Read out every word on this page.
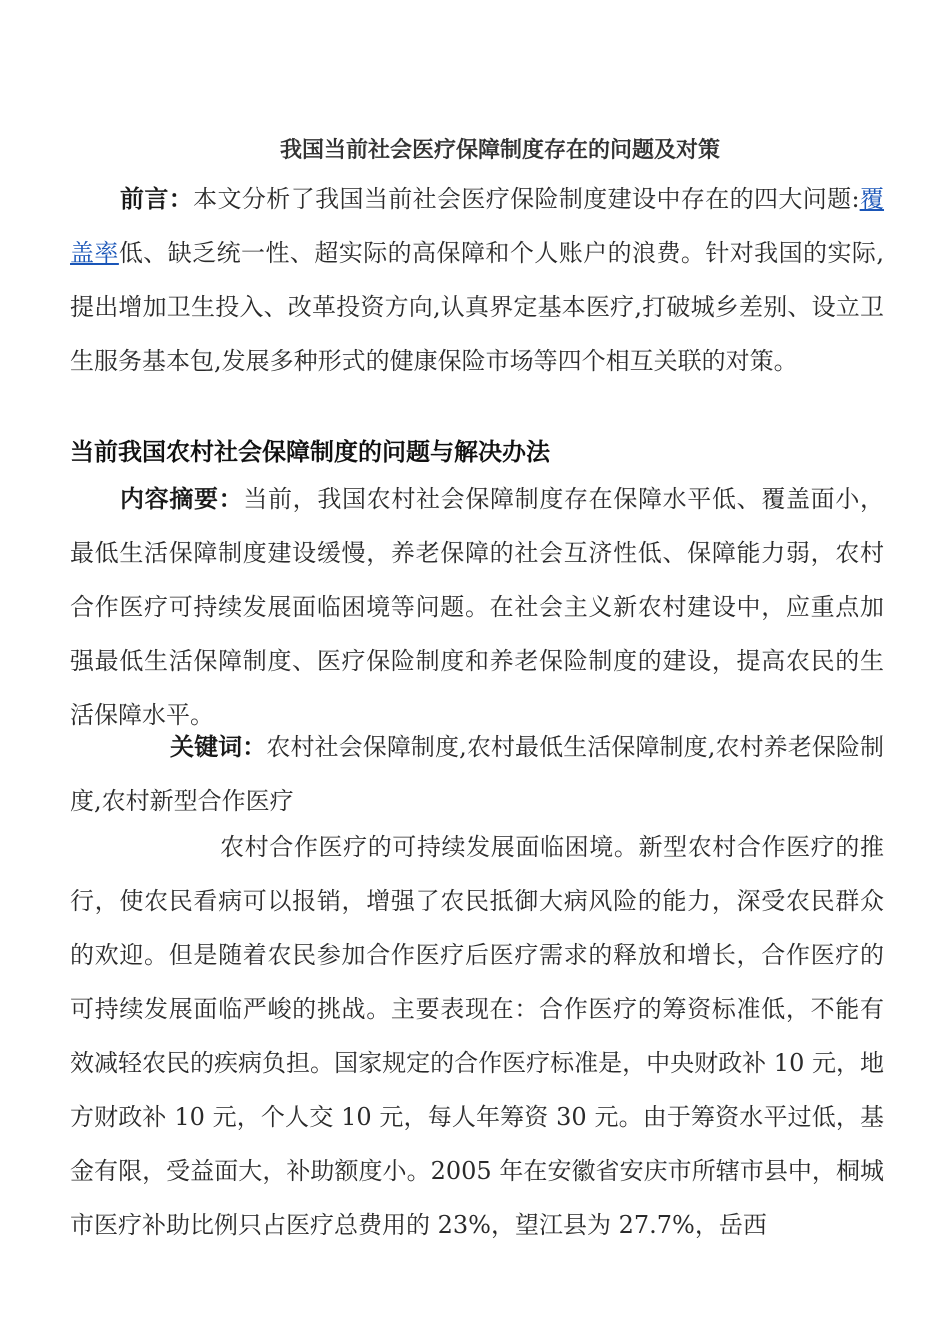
我国当前社会医疗保障制度存在的问题及对策
前言：本文分析了我国当前社会医疗保险制度建设中存在的四大问题:覆盖率低、缺乏统一性、超实际的高保障和个人账户的浪费。针对我国的实际,提出增加卫生投入、改革投资方向,认真界定基本医疗,打破城乡差别、设立卫生服务基本包,发展多种形式的健康保险市场等四个相互关联的对策。
当前我国农村社会保障制度的问题与解决办法
内容摘要：当前，我国农村社会保障制度存在保障水平低、覆盖面小，最低生活保障制度建设缓慢，养老保障的社会互济性低、保障能力弱，农村合作医疗可持续发展面临困境等问题。在社会主义新农村建设中，应重点加强最低生活保障制度、医疗保险制度和养老保险制度的建设，提高农民的生活保障水平。
关键词：农村社会保障制度,农村最低生活保障制度,农村养老保险制度,农村新型合作医疗
农村合作医疗的可持续发展面临困境。新型农村合作医疗的推行，使农民看病可以报销，增强了农民抵御大病风险的能力，深受农民群众的欢迎。但是随着农民参加合作医疗后医疗需求的释放和增长，合作医疗的可持续发展面临严峻的挑战。主要表现在：合作医疗的筹资标准低，不能有效减轻农民的疾病负担。国家规定的合作医疗标准是，中央财政补 10 元，地方财政补 10 元，个人交 10 元，每人年筹资 30 元。由于筹资水平过低，基金有限，受益面大，补助额度小。2005 年在安徽省安庆市所辖市县中，桐城市医疗补助比例只占医疗总费用的 23%，望江县为 27.7%，岳西
